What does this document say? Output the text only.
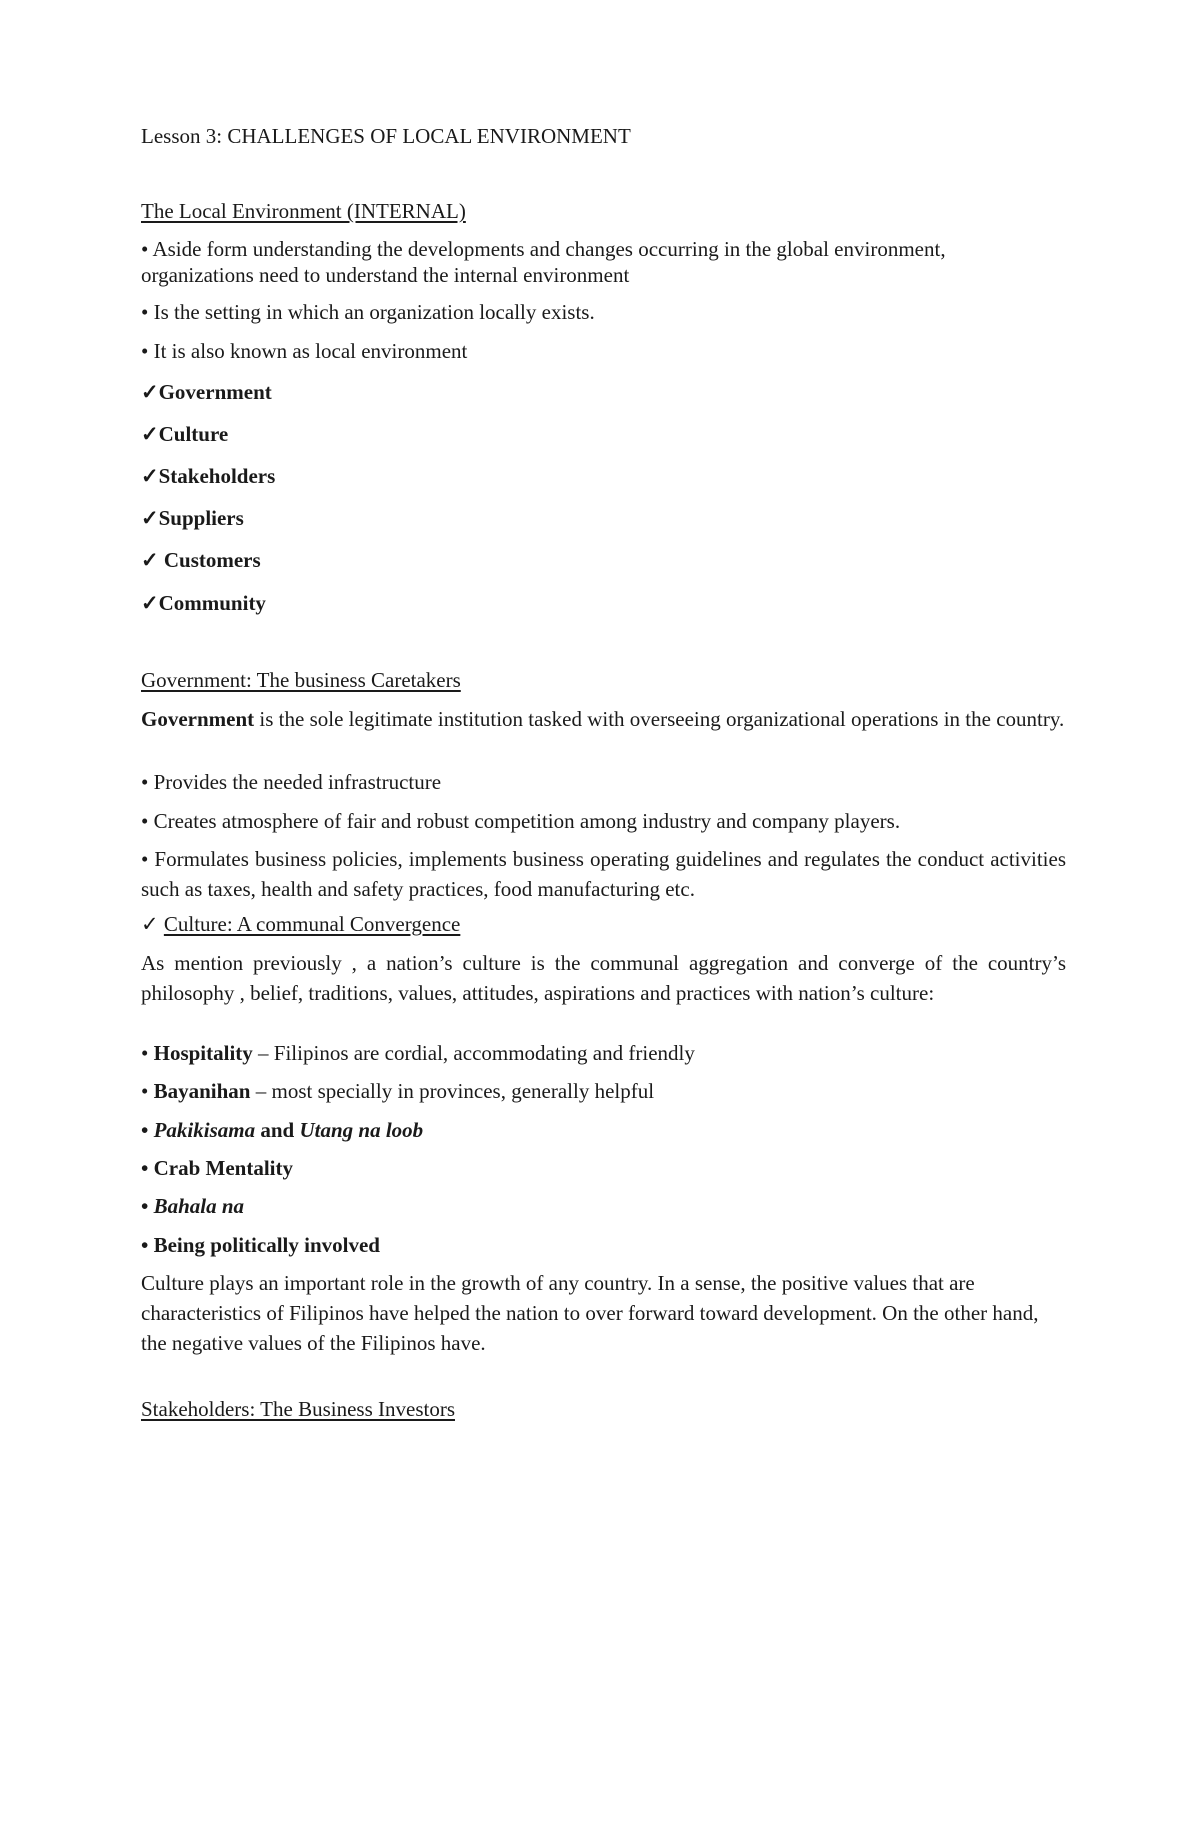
Lesson 3: CHALLENGES OF LOCAL ENVIRONMENT
The Local Environment (INTERNAL)
• Aside form understanding the developments and changes occurring in the global environment,
organizations need to understand the internal environment
• Is the setting in which an organization locally exists.
• It is also known as local environment
✓Government
✓Culture
✓Stakeholders
✓Suppliers
✓ Customers
✓Community
Government: The business Caretakers
Government is the sole legitimate institution tasked with overseeing organizational operations in the country.
• Provides the needed infrastructure
• Creates atmosphere of fair and robust competition among industry and company players.
• Formulates business policies, implements business operating guidelines and regulates the conduct activities such as taxes, health and safety practices, food manufacturing etc.
✓ Culture: A communal Convergence
As mention previously , a nation’s culture is the communal aggregation and converge of the country’s philosophy , belief, traditions, values, attitudes, aspirations and practices with nation’s culture:
• Hospitality – Filipinos are cordial, accommodating and friendly
• Bayanihan – most specially in provinces, generally helpful
• Pakikisama and Utang na loob
• Crab Mentality
• Bahala na
• Being politically involved
Culture plays an important role in the growth of any country. In a sense, the positive values that are characteristics of Filipinos have helped the nation to over forward toward development. On the other hand, the negative values of the Filipinos have.
Stakeholders: The Business Investors
